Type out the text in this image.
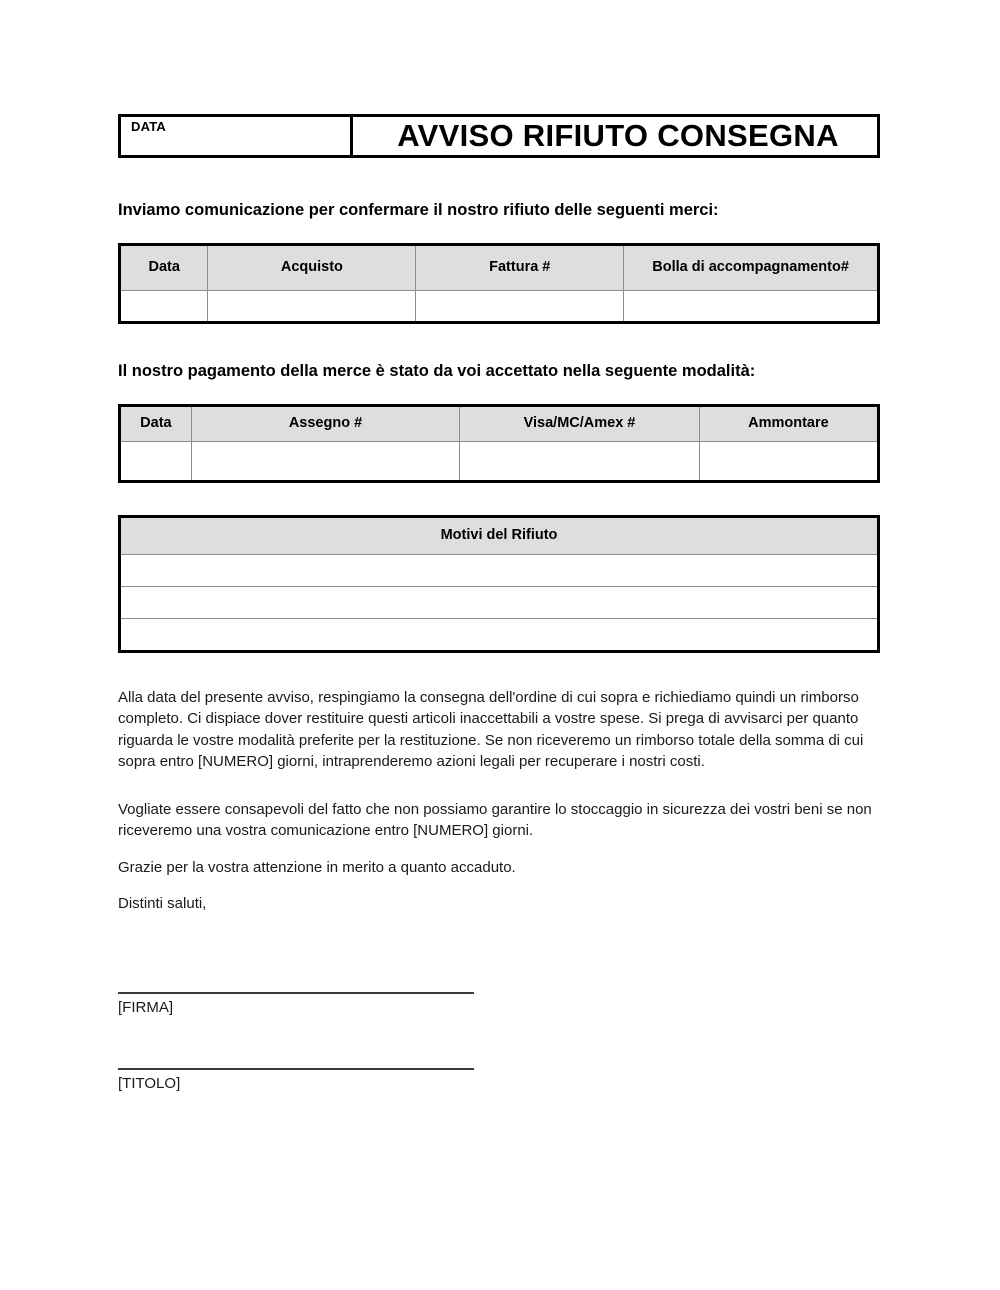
DATA	AVVISO RIFIUTO CONSEGNA
Inviamo comunicazione per confermare il nostro rifiuto delle seguenti merci:
Data	Acquisto	Fattura #	Bolla di accompagnamento#

Il nostro pagamento della merce è stato da voi accettato nella seguente modalità:
Data	Assegno #	Visa/MC/Amex #	Ammontare

Motivi del Rifiuto

Alla data del presente avviso, respingiamo la consegna dell'ordine di cui sopra e richiediamo quindi un rimborso completo. Ci dispiace dover restituire questi articoli inaccettabili a vostre spese. Si prega di avvisarci per quanto riguarda le vostre modalità preferite per la restituzione. Se non riceveremo un rimborso totale della somma di cui sopra entro [NUMERO] giorni, intraprenderemo azioni legali per recuperare i nostri costi.
Vogliate essere consapevoli del fatto che non possiamo garantire lo stoccaggio in sicurezza dei vostri beni se non riceveremo una vostra comunicazione entro [NUMERO] giorni.
Grazie per la vostra attenzione in merito a quanto accaduto.
Distinti saluti,
[FIRMA]
[TITOLO]
